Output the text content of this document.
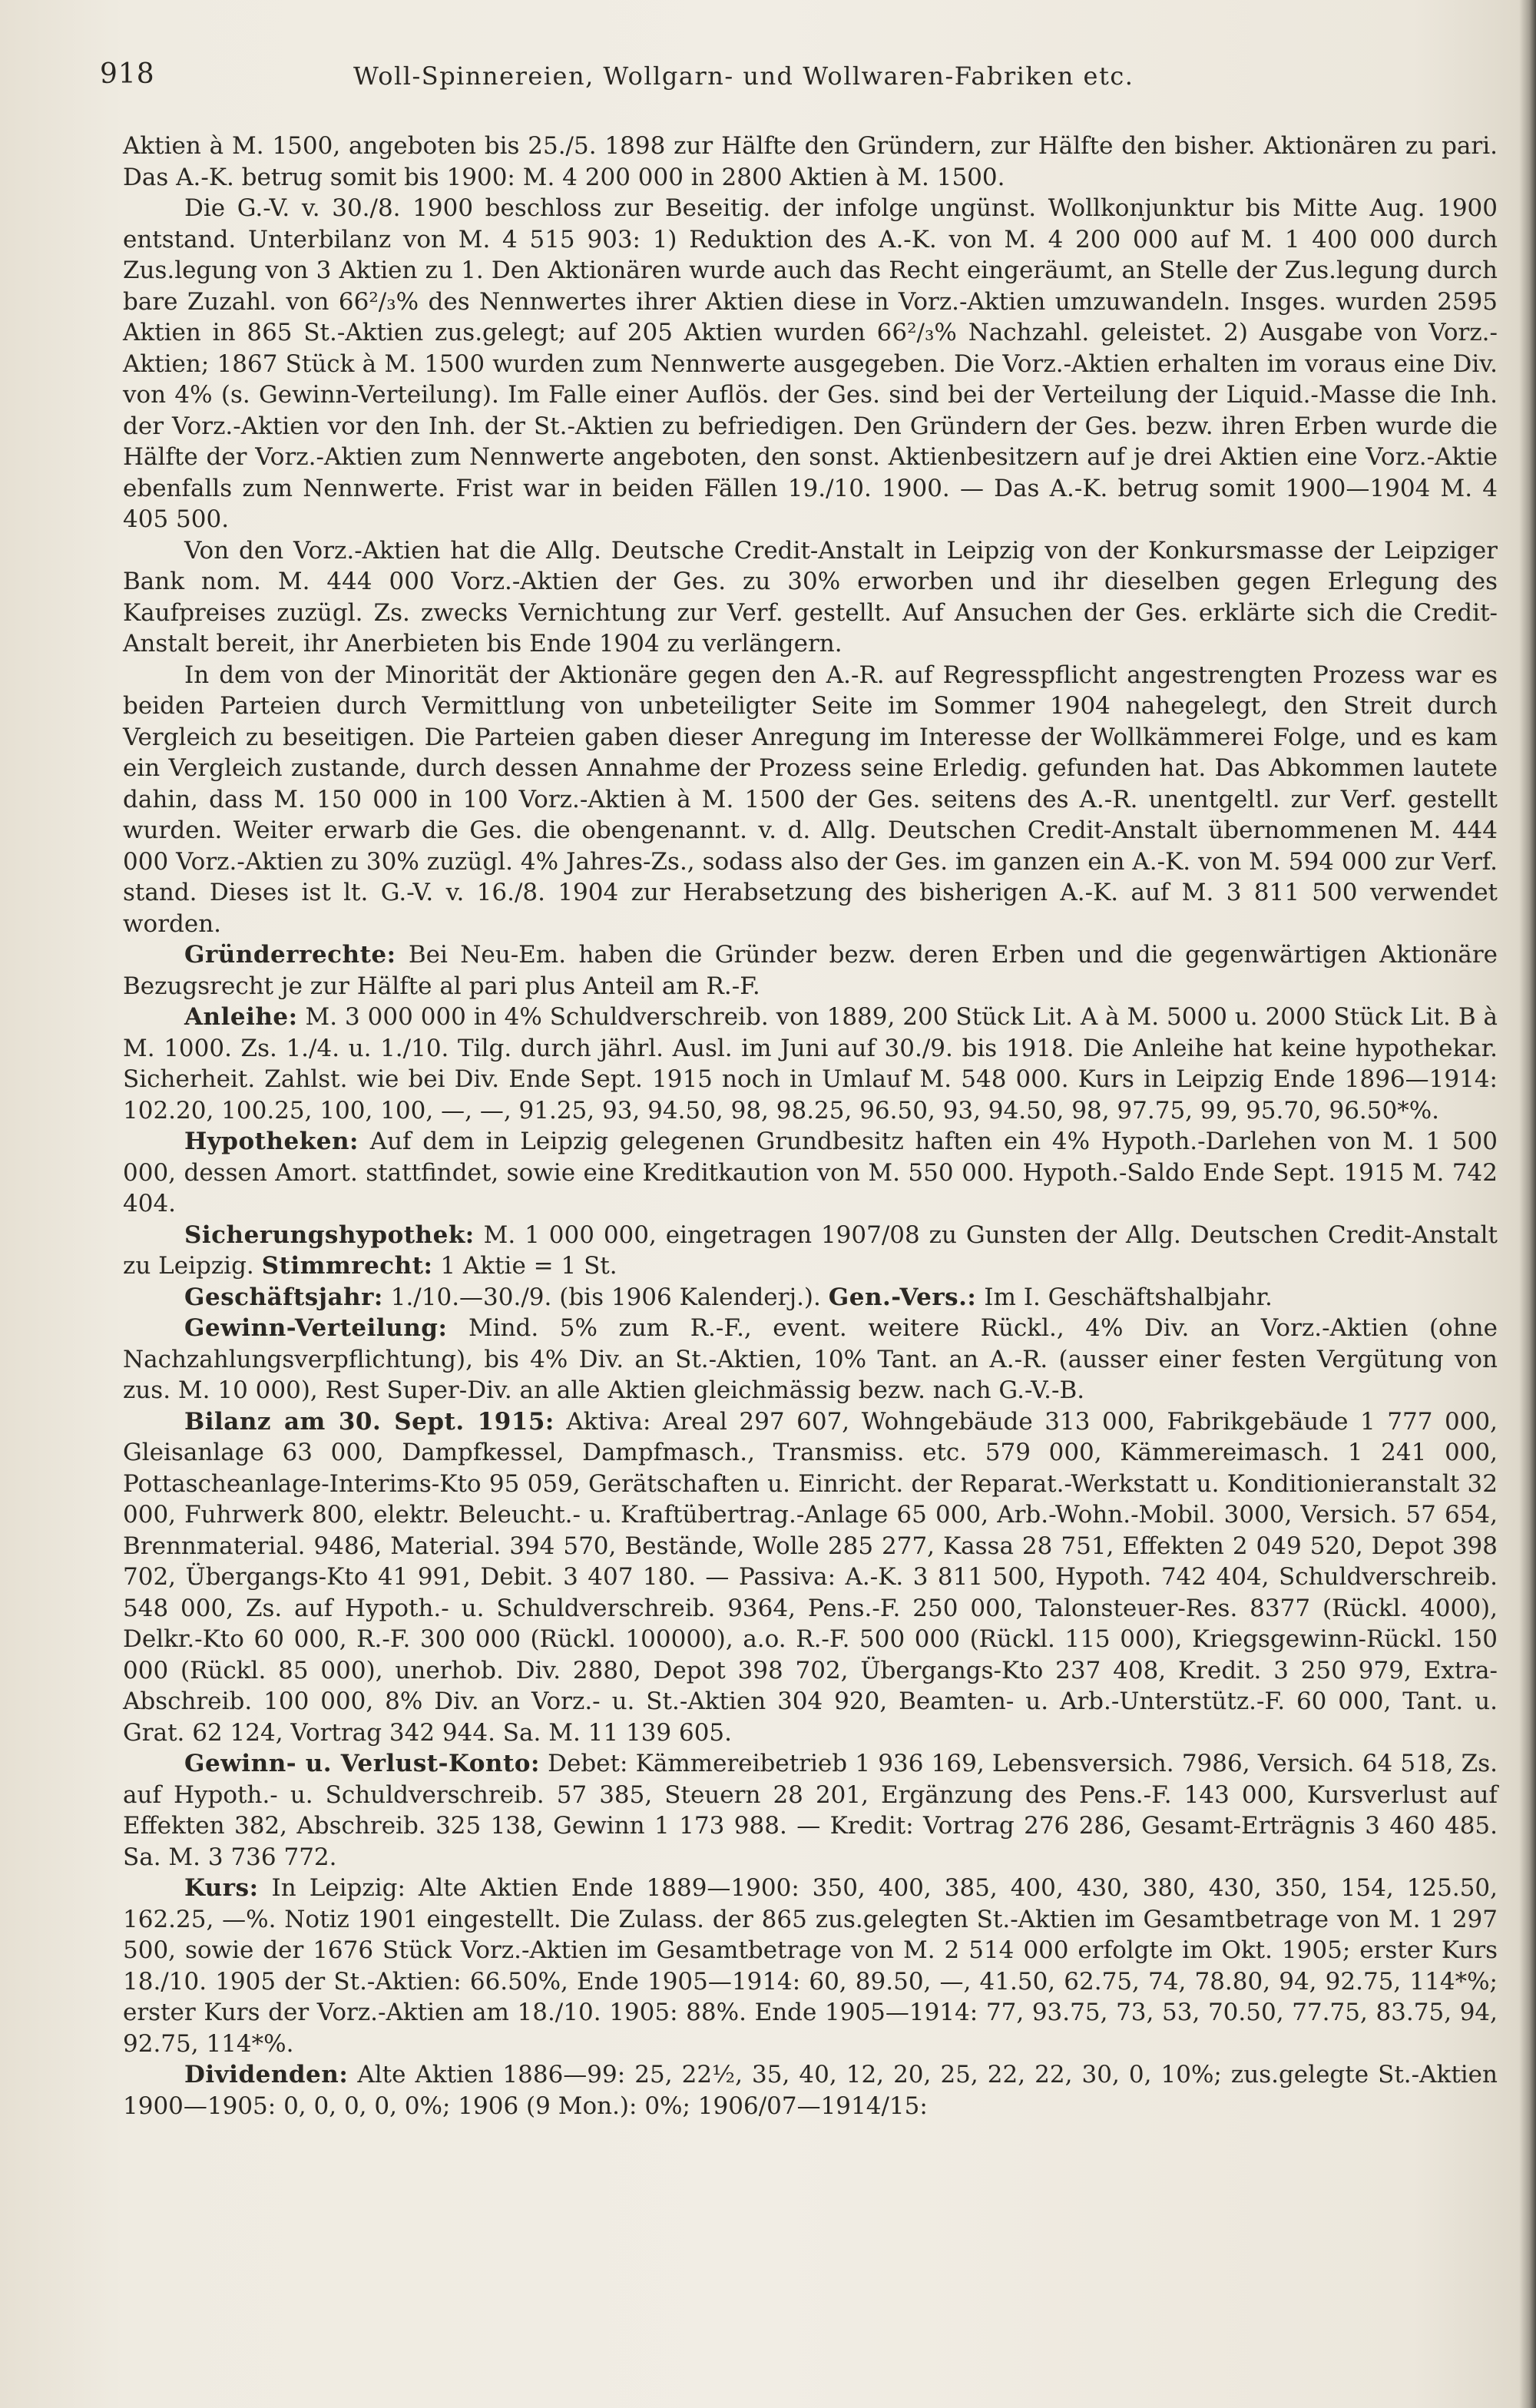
918	Woll-Spinnereien, Wollgarn- und Wollwaren-Fabriken etc.

Aktien à M. 1500, angeboten bis 25./5. 1898 zur Hälfte den Gründern, zur Hälfte den bisher. Aktionären zu pari. Das A.-K. betrug somit bis 1900: M. 4 200 000 in 2800 Aktien à M. 1500.

Die G.-V. v. 30./8. 1900 beschloss zur Beseitig. der infolge ungünst. Wollkonjunktur bis Mitte Aug. 1900 entstand. Unterbilanz von M. 4 515 903: 1) Reduktion des A.-K. von M. 4 200 000 auf M. 1 400 000 durch Zus.legung von 3 Aktien zu 1. Den Aktionären wurde auch das Recht eingeräumt, an Stelle der Zus.legung durch bare Zuzahl. von 66²/₃% des Nennwertes ihrer Aktien diese in Vorz.-Aktien umzuwandeln. Insges. wurden 2595 Aktien in 865 St.-Aktien zus.gelegt; auf 205 Aktien wurden 66²/₃% Nachzahl. geleistet. 2) Ausgabe von Vorz.-Aktien; 1867 Stück à M. 1500 wurden zum Nennwerte ausgegeben. Die Vorz.-Aktien erhalten im voraus eine Div. von 4% (s. Gewinn-Verteilung). Im Falle einer Auflös. der Ges. sind bei der Verteilung der Liquid.-Masse die Inh. der Vorz.-Aktien vor den Inh. der St.-Aktien zu befriedigen. Den Gründern der Ges. bezw. ihren Erben wurde die Hälfte der Vorz.-Aktien zum Nennwerte angeboten, den sonst. Aktienbesitzern auf je drei Aktien eine Vorz.-Aktie ebenfalls zum Nennwerte. Frist war in beiden Fällen 19./10. 1900. — Das A.-K. betrug somit 1900—1904 M. 4 405 500.

Von den Vorz.-Aktien hat die Allg. Deutsche Credit-Anstalt in Leipzig von der Konkursmasse der Leipziger Bank nom. M. 444 000 Vorz.-Aktien der Ges. zu 30% erworben und ihr dieselben gegen Erlegung des Kaufpreises zuzügl. Zs. zwecks Vernichtung zur Verf. gestellt. Auf Ansuchen der Ges. erklärte sich die Credit-Anstalt bereit, ihr Anerbieten bis Ende 1904 zu verlängern.

In dem von der Minorität der Aktionäre gegen den A.-R. auf Regresspflicht angestrengten Prozess war es beiden Parteien durch Vermittlung von unbeteiligter Seite im Sommer 1904 nahegelegt, den Streit durch Vergleich zu beseitigen. Die Parteien gaben dieser Anregung im Interesse der Wollkämmerei Folge, und es kam ein Vergleich zustande, durch dessen Annahme der Prozess seine Erledig. gefunden hat. Das Abkommen lautete dahin, dass M. 150 000 in 100 Vorz.-Aktien à M. 1500 der Ges. seitens des A.-R. unentgeltl. zur Verf. gestellt wurden. Weiter erwarb die Ges. die obengenannt. v. d. Allg. Deutschen Credit-Anstalt übernommenen M. 444 000 Vorz.-Aktien zu 30% zuzügl. 4% Jahres-Zs., sodass also der Ges. im ganzen ein A.-K. von M. 594 000 zur Verf. stand. Dieses ist lt. G.-V. v. 16./8. 1904 zur Herabsetzung des bisherigen A.-K. auf M. 3 811 500 verwendet worden.

Gründerrechte: Bei Neu-Em. haben die Gründer bezw. deren Erben und die gegenwärtigen Aktionäre Bezugsrecht je zur Hälfte al pari plus Anteil am R.-F.

Anleihe: M. 3 000 000 in 4% Schuldverschreib. von 1889, 200 Stück Lit. A à M. 5000 u. 2000 Stück Lit. B à M. 1000. Zs. 1./4. u. 1./10. Tilg. durch jährl. Ausl. im Juni auf 30./9. bis 1918. Die Anleihe hat keine hypothekar. Sicherheit. Zahlst. wie bei Div. Ende Sept. 1915 noch in Umlauf M. 548 000. Kurs in Leipzig Ende 1896—1914: 102.20, 100.25, 100, 100, —, —, 91.25, 93, 94.50, 98, 98.25, 96.50, 93, 94.50, 98, 97.75, 99, 95.70, 96.50*%.

Hypotheken: Auf dem in Leipzig gelegenen Grundbesitz haften ein 4% Hypoth.-Darlehen von M. 1 500 000, dessen Amort. stattfindet, sowie eine Kreditkaution von M. 550 000. Hypoth.-Saldo Ende Sept. 1915 M. 742 404.

Sicherungshypothek: M. 1 000 000, eingetragen 1907/08 zu Gunsten der Allg. Deutschen Credit-Anstalt zu Leipzig. Stimmrecht: 1 Aktie = 1 St.

Geschäftsjahr: 1./10.—30./9. (bis 1906 Kalenderj.). Gen.-Vers.: Im I. Geschäftshalbjahr.

Gewinn-Verteilung: Mind. 5% zum R.-F., event. weitere Rückl., 4% Div. an Vorz.-Aktien (ohne Nachzahlungsverpflichtung), bis 4% Div. an St.-Aktien, 10% Tant. an A.-R. (ausser einer festen Vergütung von zus. M. 10 000), Rest Super-Div. an alle Aktien gleichmässig bezw. nach G.-V.-B.

Bilanz am 30. Sept. 1915: Aktiva: Areal 297 607, Wohngebäude 313 000, Fabrikgebäude 1 777 000, Gleisanlage 63 000, Dampfkessel, Dampfmasch., Transmiss. etc. 579 000, Kämmereimasch. 1 241 000, Pottascheanlage-Interims-Kto 95 059, Gerätschaften u. Einricht. der Reparat.-Werkstatt u. Konditionieranstalt 32 000, Fuhrwerk 800, elektr. Beleucht.- u. Kraftübertrag.-Anlage 65 000, Arb.-Wohn.-Mobil. 3000, Versich. 57 654, Brennmaterial. 9486, Material. 394 570, Bestände, Wolle 285 277, Kassa 28 751, Effekten 2 049 520, Depot 398 702, Übergangs-Kto 41 991, Debit. 3 407 180. — Passiva: A.-K. 3 811 500, Hypoth. 742 404, Schuldverschreib. 548 000, Zs. auf Hypoth.- u. Schuldverschreib. 9364, Pens.-F. 250 000, Talonsteuer-Res. 8377 (Rückl. 4000), Delkr.-Kto 60 000, R.-F. 300 000 (Rückl. 100000), a.o. R.-F. 500 000 (Rückl. 115 000), Kriegsgewinn-Rückl. 150 000 (Rückl. 85 000), unerhob. Div. 2880, Depot 398 702, Übergangs-Kto 237 408, Kredit. 3 250 979, Extra-Abschreib. 100 000, 8% Div. an Vorz.- u. St.-Aktien 304 920, Beamten- u. Arb.-Unterstütz.-F. 60 000, Tant. u. Grat. 62 124, Vortrag 342 944. Sa. M. 11 139 605.

Gewinn- u. Verlust-Konto: Debet: Kämmereibetrieb 1 936 169, Lebensversich. 7986, Versich. 64 518, Zs. auf Hypoth.- u. Schuldverschreib. 57 385, Steuern 28 201, Ergänzung des Pens.-F. 143 000, Kursverlust auf Effekten 382, Abschreib. 325 138, Gewinn 1 173 988. — Kredit: Vortrag 276 286, Gesamt-Erträgnis 3 460 485. Sa. M. 3 736 772.

Kurs: In Leipzig: Alte Aktien Ende 1889—1900: 350, 400, 385, 400, 430, 380, 430, 350, 154, 125.50, 162.25, —%. Notiz 1901 eingestellt. Die Zulass. der 865 zus.gelegten St.-Aktien im Gesamtbetrage von M. 1 297 500, sowie der 1676 Stück Vorz.-Aktien im Gesamtbetrage von M. 2 514 000 erfolgte im Okt. 1905; erster Kurs 18./10. 1905 der St.-Aktien: 66.50%, Ende 1905—1914: 60, 89.50, —, 41.50, 62.75, 74, 78.80, 94, 92.75, 114*%; erster Kurs der Vorz.-Aktien am 18./10. 1905: 88%. Ende 1905—1914: 77, 93.75, 73, 53, 70.50, 77.75, 83.75, 94, 92.75, 114*%.

Dividenden: Alte Aktien 1886—99: 25, 22½, 35, 40, 12, 20, 25, 22, 22, 30, 0, 10%; zus.gelegte St.-Aktien 1900—1905: 0, 0, 0, 0, 0%; 1906 (9 Mon.): 0%; 1906/07—1914/15:
